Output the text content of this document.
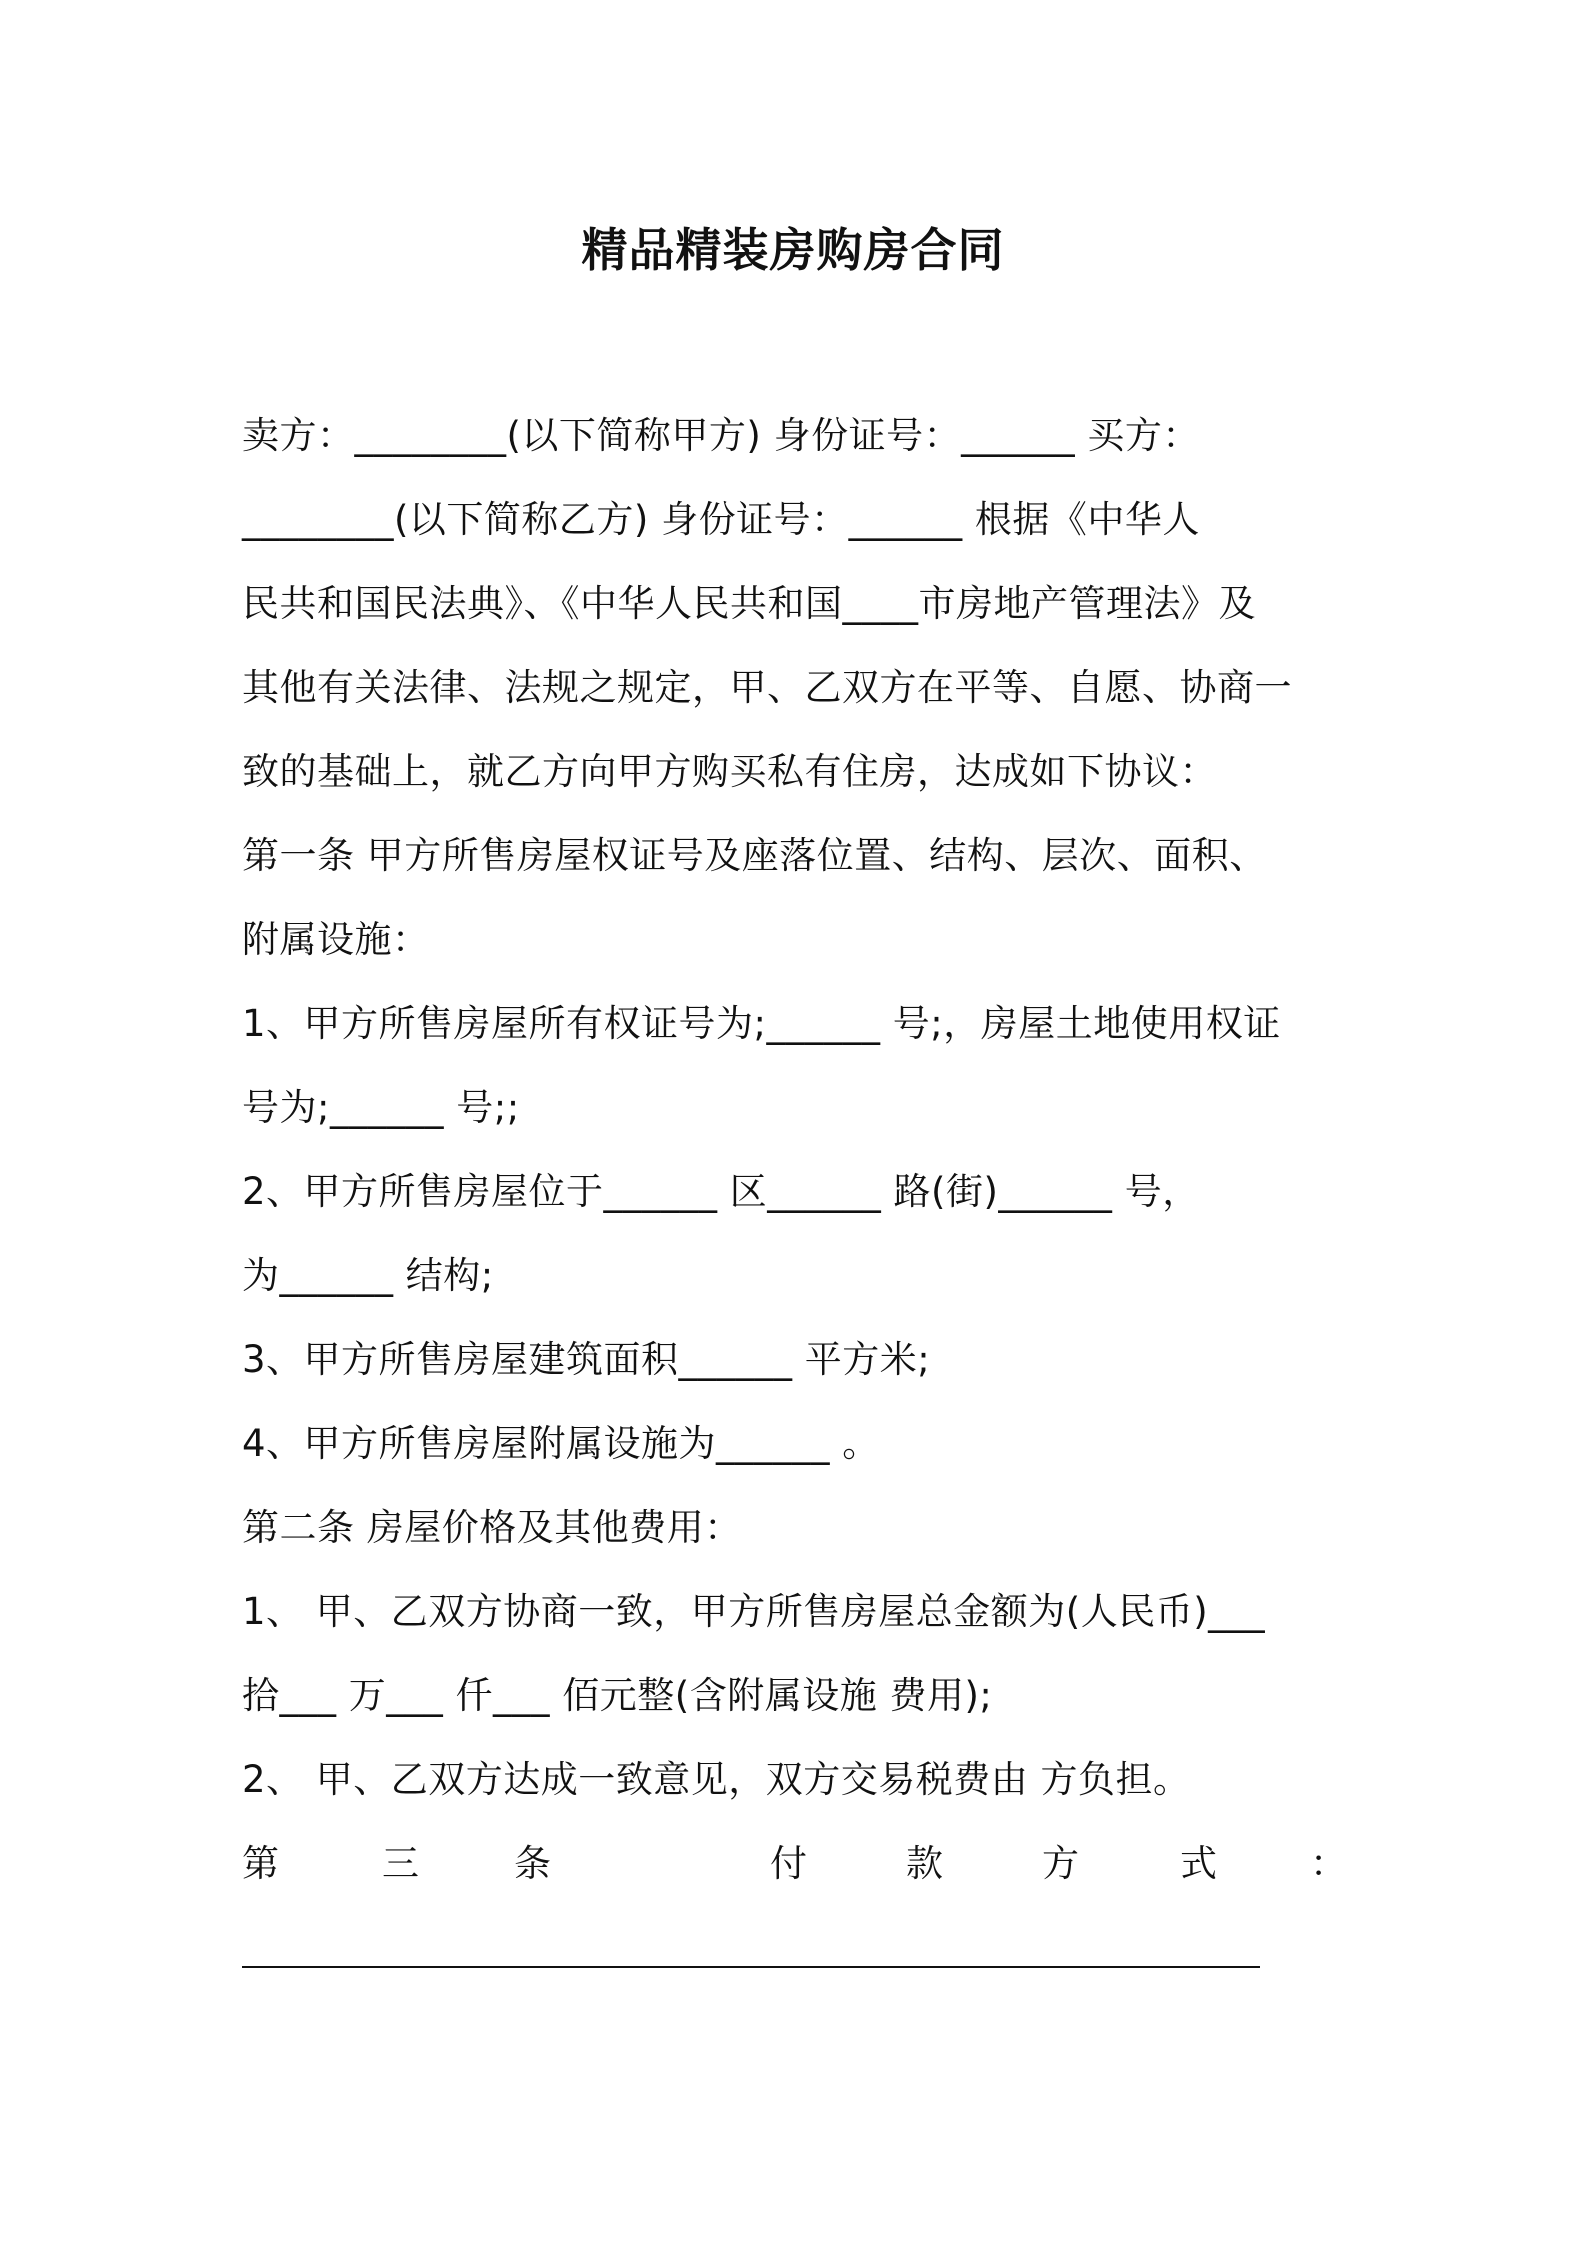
精品精装房购房合同
卖方：________(以下简称甲方) 身份证号：______ 买方：
________(以下简称乙方) 身份证号：______ 根据《中华人
民共和国民法典》、《中华人民共和国____市房地产管理法》及
其他有关法律、法规之规定，甲、乙双方在平等、自愿、协商一
致的基础上，就乙方向甲方购买私有住房，达成如下协议：
第一条 甲方所售房屋权证号及座落位置、结构、层次、面积、
附属设施：
1、甲方所售房屋所有权证号为;______ 号;，房屋土地使用权证
号为;______ 号;;
2、甲方所售房屋位于______ 区______ 路(街)______ 号，
为______ 结构;
3、甲方所售房屋建筑面积______ 平方米;
4、甲方所售房屋附属设施为______ 。
第二条 房屋价格及其他费用：
1、 甲、乙双方协商一致，甲方所售房屋总金额为(人民币)___
拾___ 万___ 仟___ 佰元整(含附属设施 费用);
2、 甲、乙双方达成一致意见，双方交易税费由 方负担。
第	三	条	付	款	方	式	：
